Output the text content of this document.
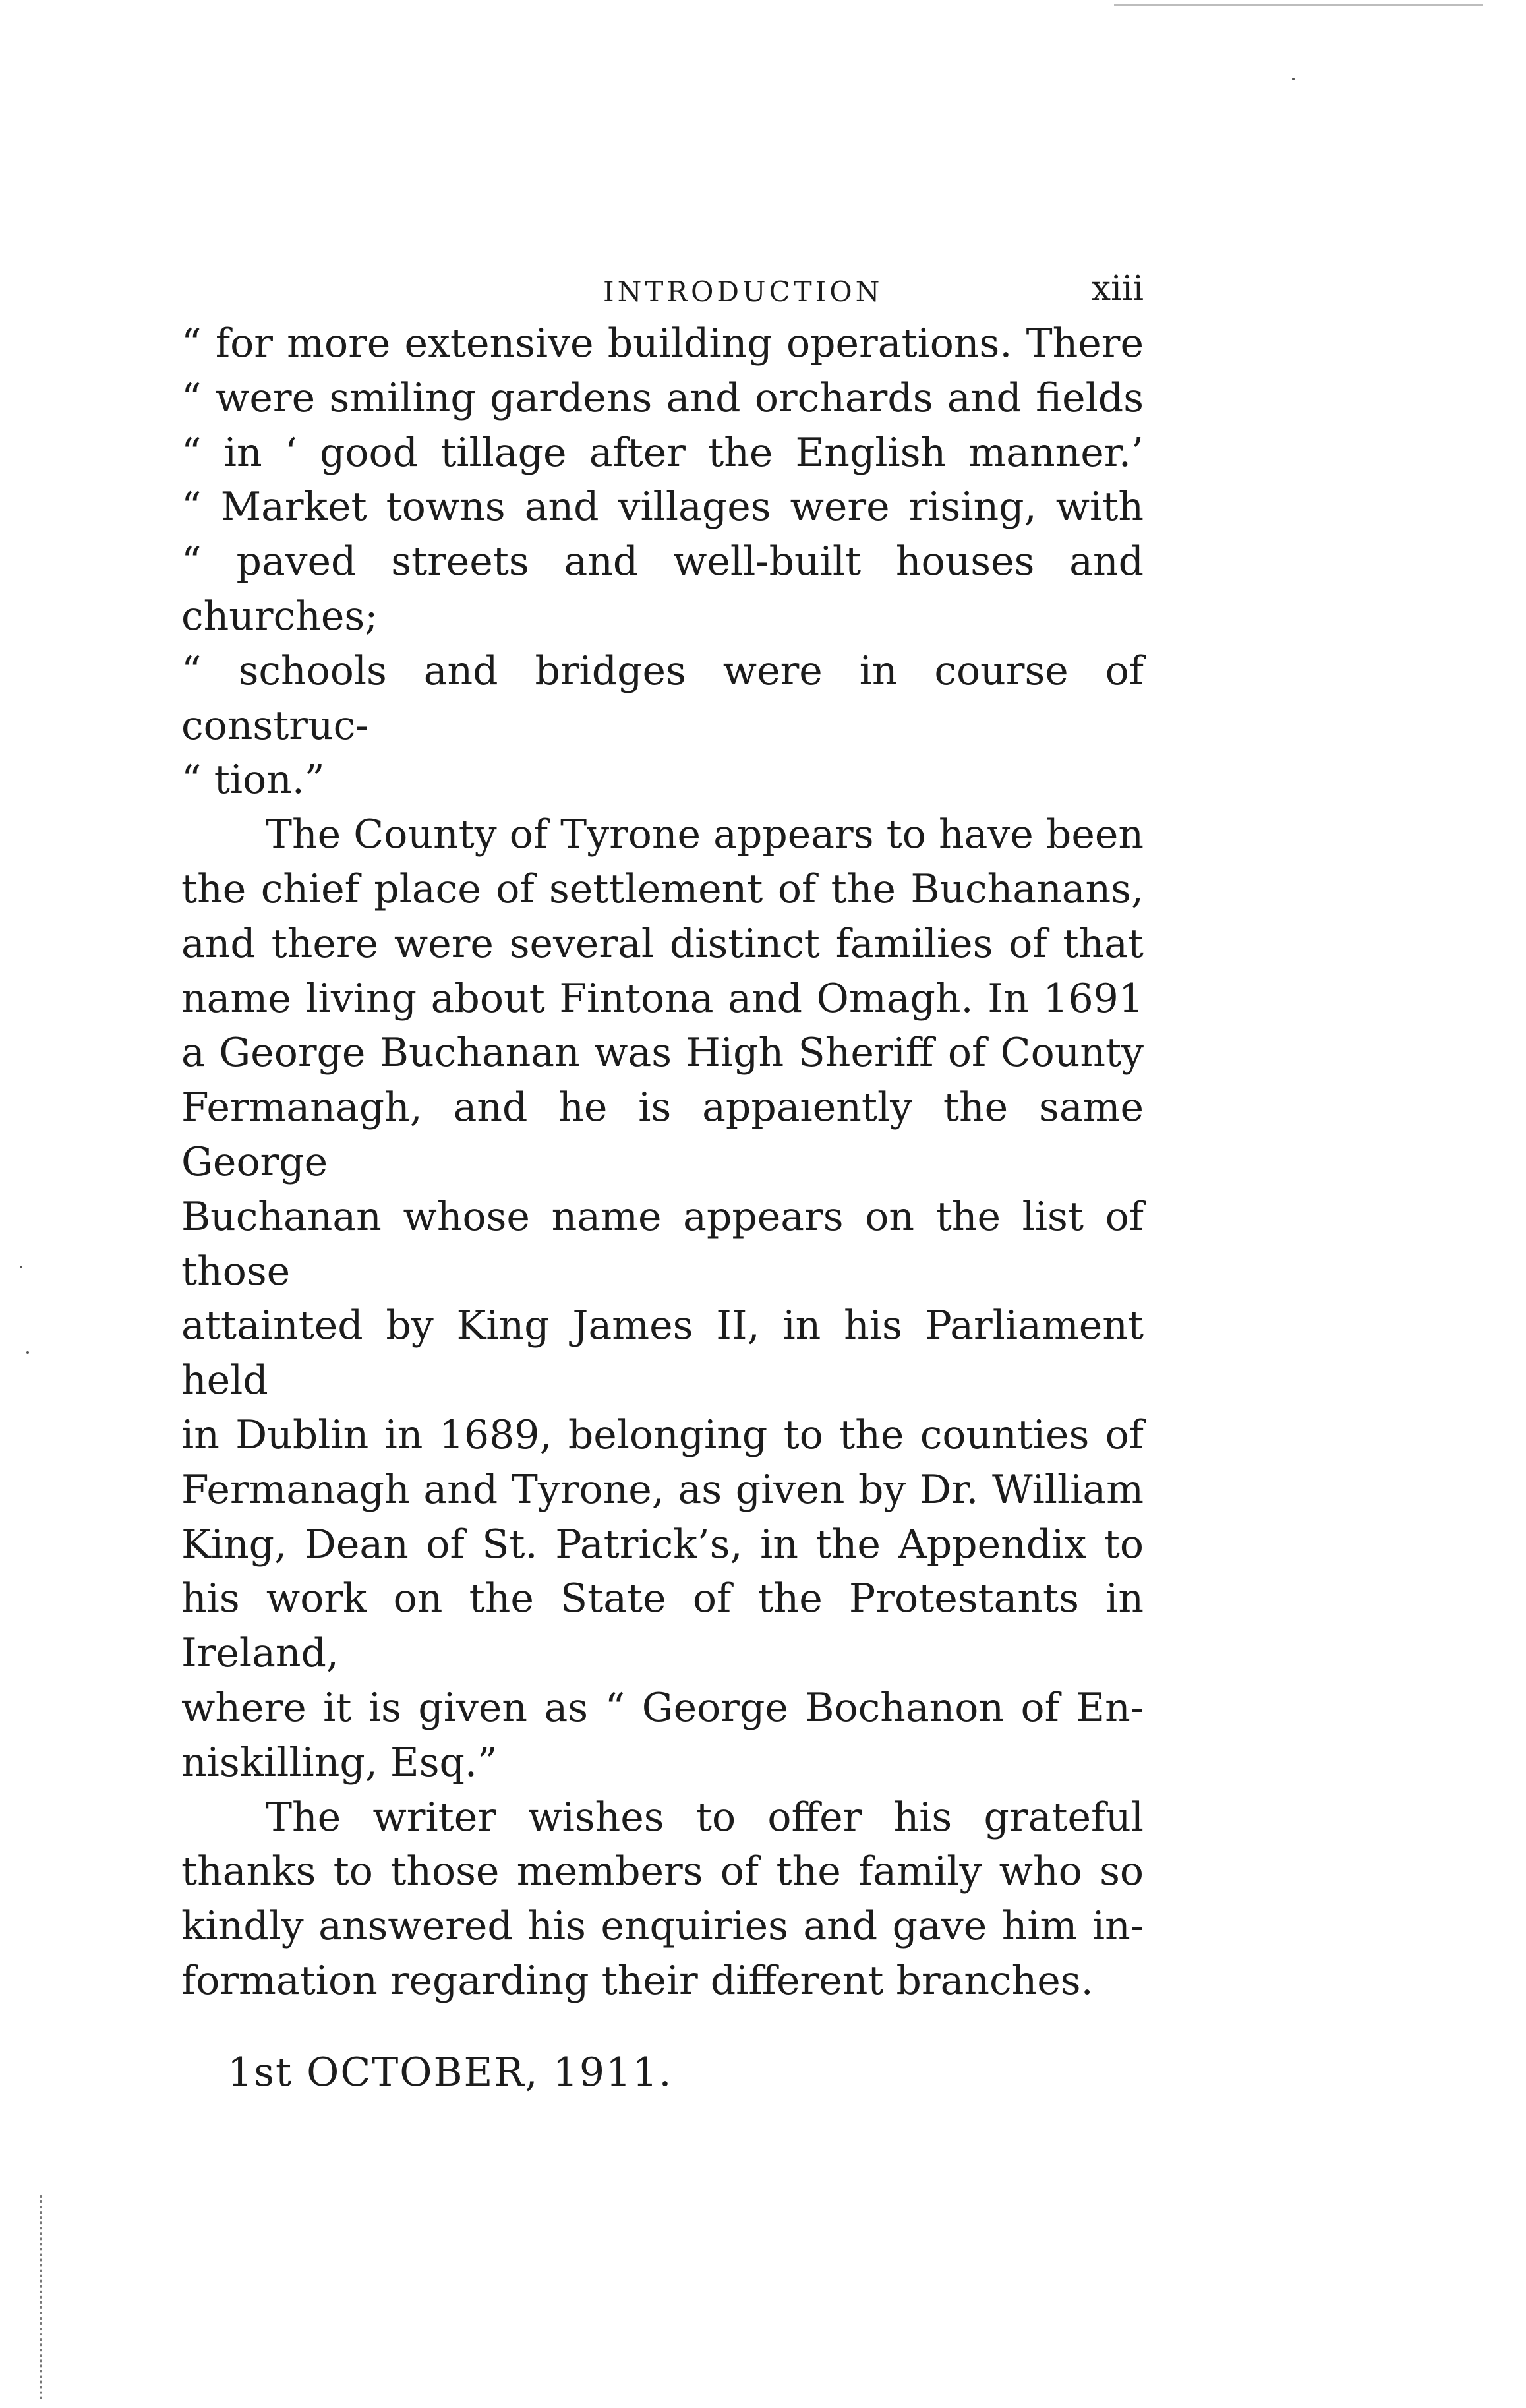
INTRODUCTION	xiii

“ for more extensive building operations. There

“ were smiling gardens and orchards and fields

“ in ‘ good tillage after the English manner.’

“ Market towns and villages were rising, with

“ paved streets and well-built houses and churches;

“ schools and bridges were in course of construc-

“ tion.”

The County of Tyrone appears to have been

the chief place of settlement of the Buchanans,

and there were several distinct families of that

name living about Fintona and Omagh. In 1691

a George Buchanan was High Sheriff of County

Fermanagh, and he is appaıently the same George

Buchanan whose name appears on the list of those

attainted by King James II, in his Parliament held

in Dublin in 1689, belonging to the counties of

Fermanagh and Tyrone, as given by Dr. William

King, Dean of St. Patrick’s, in the Appendix to

his work on the State of the Protestants in Ireland,

where it is given as “ George Bochanon of En-

niskilling, Esq.”

The writer wishes to offer his grateful

thanks to those members of the family who so

kindly answered his enquiries and gave him in-

formation regarding their different branches.

1st OCTOBER, 1911.
